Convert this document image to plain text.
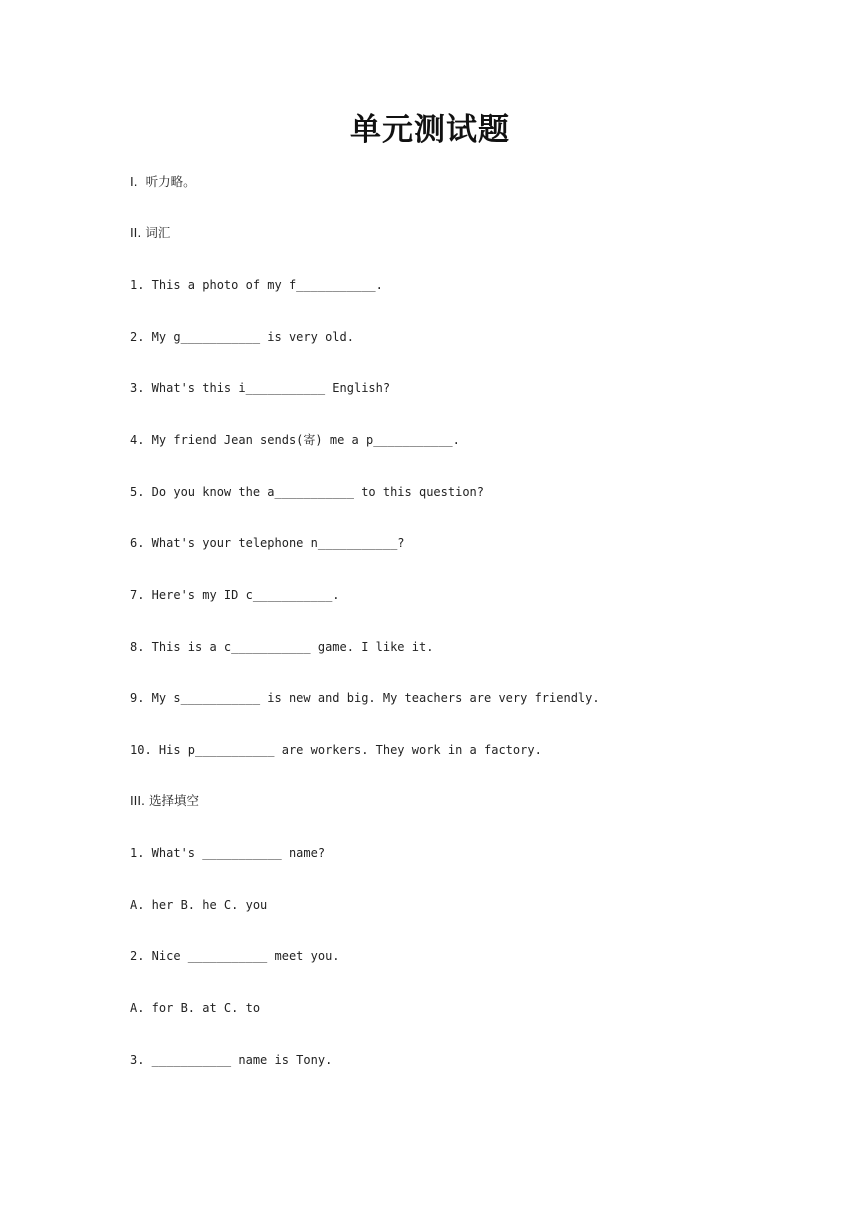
单元测试题
I.  听力略。
II. 词汇
1. This a photo of my f___________.
2. My g___________ is very old.
3. What's this i___________ English?
4. My friend Jean sends(寄) me a p___________.
5. Do you know the a___________ to this question?
6. What's your telephone n___________?
7. Here's my ID c___________.
8. This is a c___________ game. I like it.
9. My s___________ is new and big. My teachers are very friendly.
10. His p___________ are workers. They work in a factory.
III. 选择填空
1. What's ___________ name?
A. her B. he C. you
2. Nice ___________ meet you.
A. for B. at C. to
3. ___________ name is Tony.
